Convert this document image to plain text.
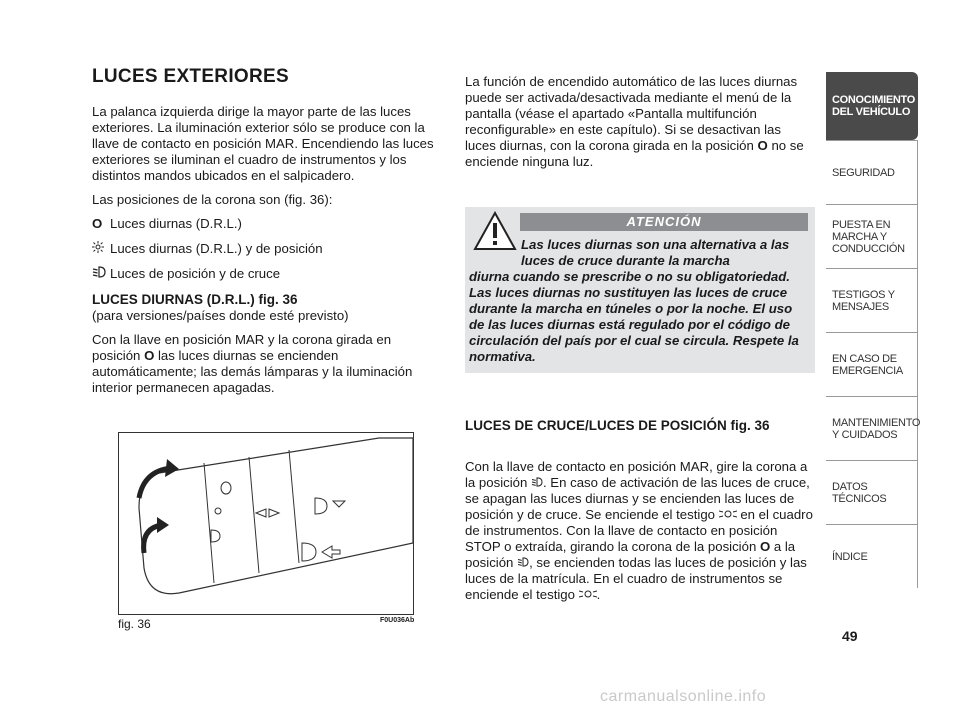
LUCES EXTERIORES

La palanca izquierda dirige la mayor parte de las luces exteriores. La iluminación exterior sólo se produce con la llave de contacto en posición MAR. Encendiendo las luces exteriores se iluminan el cuadro de instrumentos y los distintos mandos ubicados en el salpicadero.

Las posiciones de la corona son (fig. 36):

O Luces diurnas (D.R.L.)
Luces diurnas (D.R.L.) y de posición
Luces de posición y de cruce
LUCES DIURNAS (D.R.L.) fig. 36
(para versiones/países donde esté previsto)

Con la llave en posición MAR y la corona girada en posición O las luces diurnas se encienden automáticamente; las demás lámparas y la iluminación interior permanecen apagadas.

fig. 36	F0U036Ab

La función de encendido automático de las luces diurnas puede ser activada/desactivada mediante el menú de la pantalla (véase el apartado «Pantalla multifunción reconfigurable» en este capítulo). Si se desactivan las luces diurnas, con la corona girada en la posición O no se enciende ninguna luz.

ATENCIÓN
Las luces diurnas son una alternativa a las luces de cruce durante la marcha
diurna cuando se prescribe o no su obligatoriedad. Las luces diurnas no sustituyen las luces de cruce durante la marcha en túneles o por la noche. El uso de las luces diurnas está regulado por el código de circulación del país por el cual se circula. Respete la normativa.
LUCES DE CRUCE/LUCES DE POSICIÓN fig. 36

Con la llave de contacto en posición MAR, gire la corona a la posición . En caso de activación de las luces de cruce, se apagan las luces diurnas y se encienden las luces de posición y de cruce. Se enciende el testigo  en el cuadro de instrumentos. Con la llave de contacto en posición STOP o extraída, girando la corona de la posición O a la posición , se encienden todas las luces de posición y las luces de la matrícula. En el cuadro de instrumentos se enciende el testigo .

CONOCIMIENTO DEL VEHÍCULO
SEGURIDAD
PUESTA EN MARCHA Y CONDUCCIÓN
TESTIGOS Y MENSAJES
EN CASO DE EMERGENCIA
MANTENIMIENTO Y CUIDADOS
DATOS TÉCNICOS
ÍNDICE
49
carmanualsonline.info
